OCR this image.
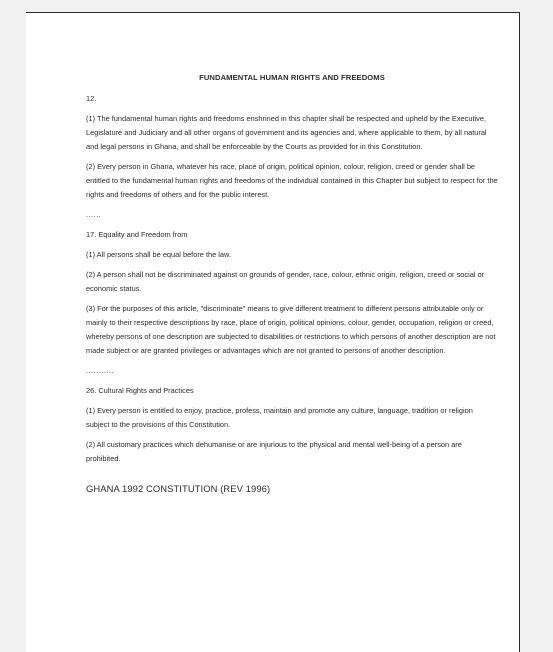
FUNDAMENTAL HUMAN RIGHTS AND FREEDOMS
12.
(1) The fundamental human rights and freedoms enshrined in this chapter shall be respected and upheld by the Executive, Legislature and Judiciary and all other organs of government and its agencies and, where applicable to them, by all natural and legal persons in Ghana, and shall be enforceable by the Courts as provided for in this Constitution.
(2) Every person in Ghana, whatever his race, place of origin, political opinion, colour, religion, creed or gender shall be entitled to the fundamental human rights and freedoms of the individual contained in this Chapter but subject to respect for the rights and freedoms of others and for the public interest.
......
17. Equality and Freedom from
(1) All persons shall be equal before the law.
(2) A person shall not be discriminated against on grounds of gender, race, colour, ethnic origin, religion, creed or social or economic status.
(3) For the purposes of this article, "discriminate" means to give different treatment to different persons attributable only or mainly to their respective descriptions by race, place of origin, political opinions, colour, gender, occupation, religion or creed, whereby persons of one description are subjected to disabilities or restrictions to which persons of another description are not made subject or are granted privileges or advantages which are not granted to persons of another description.
...........
26. Cultural Rights and Practices
(1) Every person is entitled to enjoy, practice, profess, maintain and promote any culture, language, tradition or religion subject to the provisions of this Constitution.
(2) All customary practices which dehumanise or are injurious to the physical and mental well-being of a person are prohibited.
GHANA 1992 CONSTITUTION (REV 1996)
